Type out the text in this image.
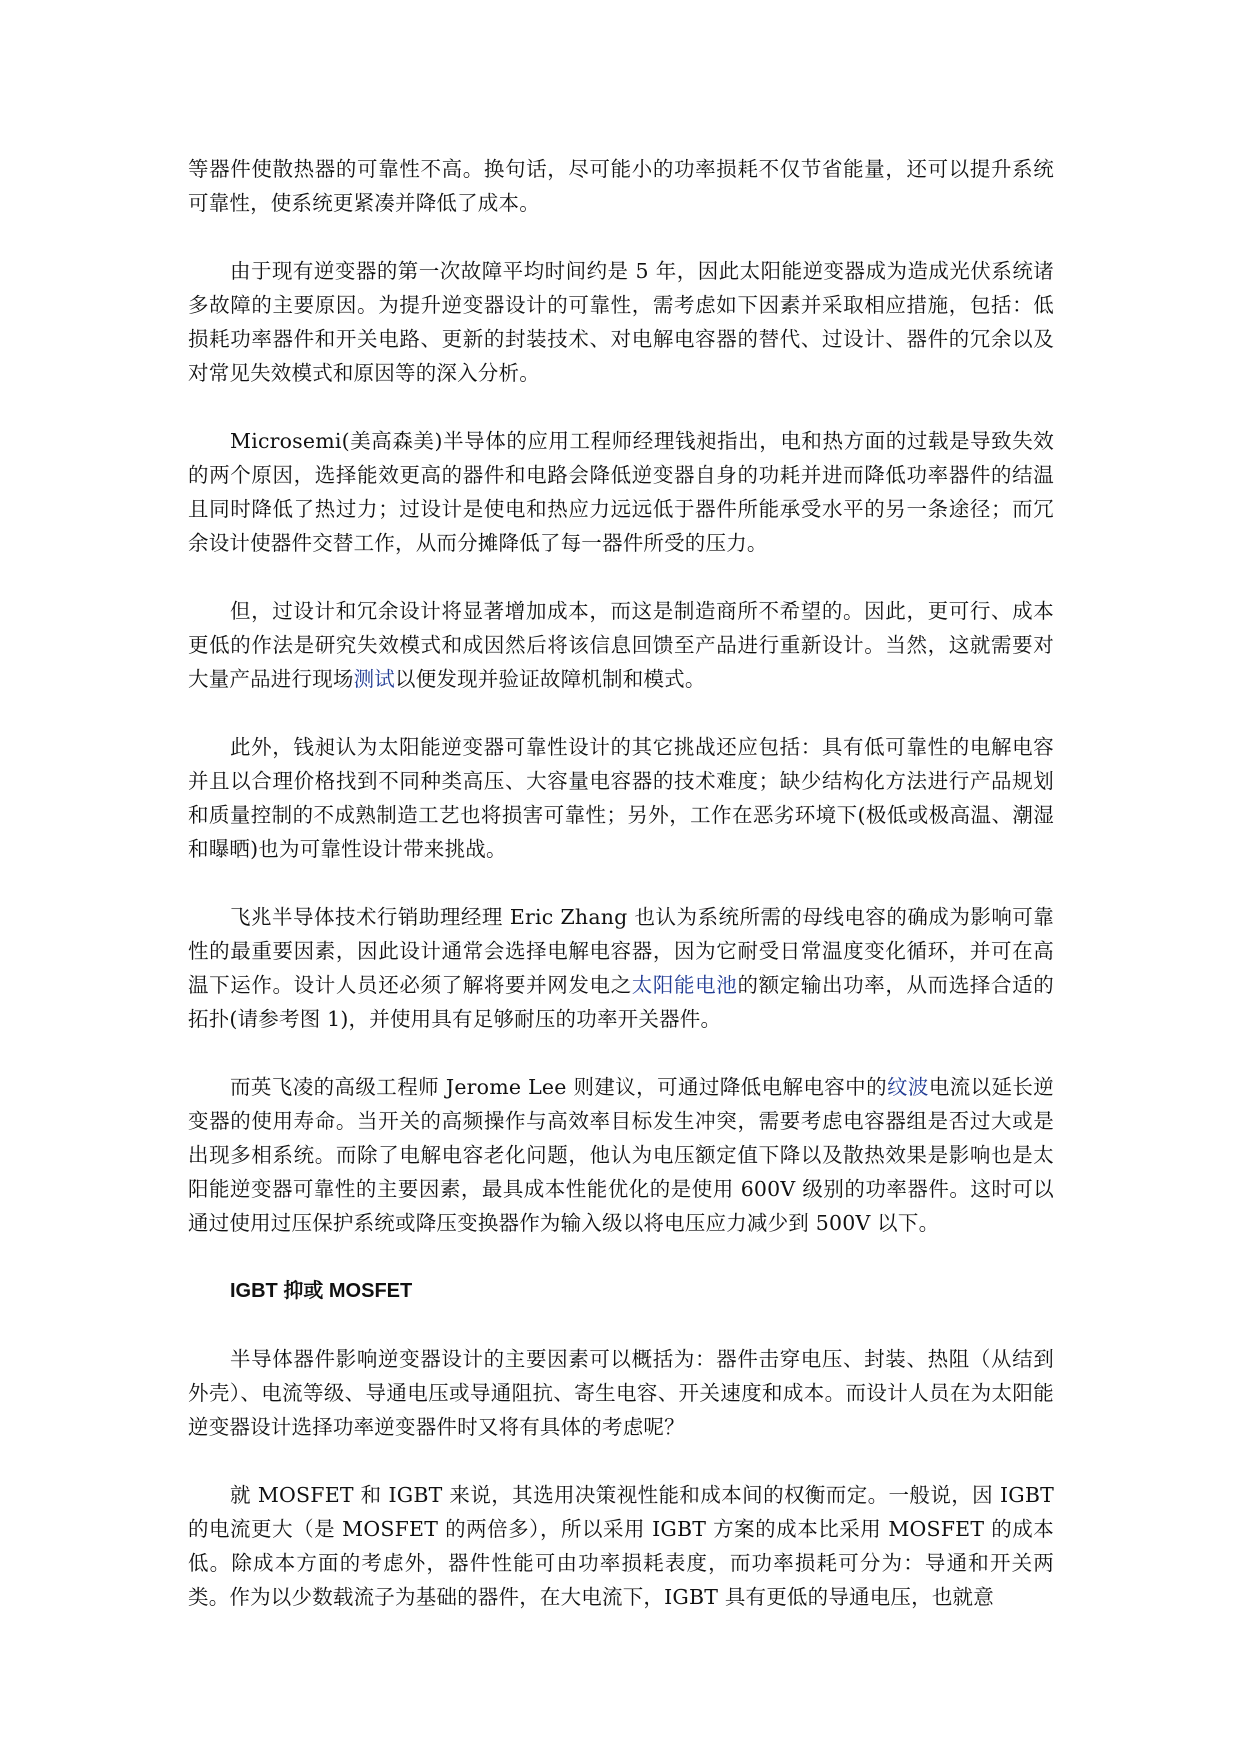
等器件使散热器的可靠性不高。换句话，尽可能小的功率损耗不仅节省能量，还可以提升系统可靠性，使系统更紧凑并降低了成本。

由于现有逆变器的第一次故障平均时间约是 5 年，因此太阳能逆变器成为造成光伏系统诸多故障的主要原因。为提升逆变器设计的可靠性，需考虑如下因素并采取相应措施，包括：低损耗功率器件和开关电路、更新的封装技术、对电解电容器的替代、过设计、器件的冗余以及对常见失效模式和原因等的深入分析。

Microsemi(美高森美)半导体的应用工程师经理钱昶指出，电和热方面的过载是导致失效的两个原因，选择能效更高的器件和电路会降低逆变器自身的功耗并进而降低功率器件的结温且同时降低了热过力；过设计是使电和热应力远远低于器件所能承受水平的另一条途径；而冗余设计使器件交替工作，从而分摊降低了每一器件所受的压力。

但，过设计和冗余设计将显著增加成本，而这是制造商所不希望的。因此，更可行、成本更低的作法是研究失效模式和成因然后将该信息回馈至产品进行重新设计。当然，这就需要对大量产品进行现场测试以便发现并验证故障机制和模式。

此外，钱昶认为太阳能逆变器可靠性设计的其它挑战还应包括：具有低可靠性的电解电容并且以合理价格找到不同种类高压、大容量电容器的技术难度；缺少结构化方法进行产品规划和质量控制的不成熟制造工艺也将损害可靠性；另外，工作在恶劣环境下(极低或极高温、潮湿和曝晒)也为可靠性设计带来挑战。

飞兆半导体技术行销助理经理 Eric Zhang 也认为系统所需的母线电容的确成为影响可靠性的最重要因素，因此设计通常会选择电解电容器，因为它耐受日常温度变化循环，并可在高温下运作。设计人员还必须了解将要并网发电之太阳能电池的额定输出功率，从而选择合适的拓扑(请参考图 1)，并使用具有足够耐压的功率开关器件。

而英飞凌的高级工程师 Jerome Lee 则建议，可通过降低电解电容中的纹波电流以延长逆变器的使用寿命。当开关的高频操作与高效率目标发生冲突，需要考虑电容器组是否过大或是出现多相系统。而除了电解电容老化问题，他认为电压额定值下降以及散热效果是影响也是太阳能逆变器可靠性的主要因素，最具成本性能优化的是使用 600V 级别的功率器件。这时可以通过使用过压保护系统或降压变换器作为输入级以将电压应力减少到 500V 以下。

IGBT 抑或 MOSFET

半导体器件影响逆变器设计的主要因素可以概括为：器件击穿电压、封装、热阻（从结到外壳）、电流等级、导通电压或导通阻抗、寄生电容、开关速度和成本。而设计人员在为太阳能逆变器设计选择功率逆变器件时又将有具体的考虑呢？

就 MOSFET 和 IGBT 来说，其选用决策视性能和成本间的权衡而定。一般说，因 IGBT 的电流更大（是 MOSFET 的两倍多），所以采用 IGBT 方案的成本比采用 MOSFET 的成本低。除成本方面的考虑外，器件性能可由功率损耗表度，而功率损耗可分为：导通和开关两类。作为以少数载流子为基础的器件，在大电流下，IGBT 具有更低的导通电压，也就意
